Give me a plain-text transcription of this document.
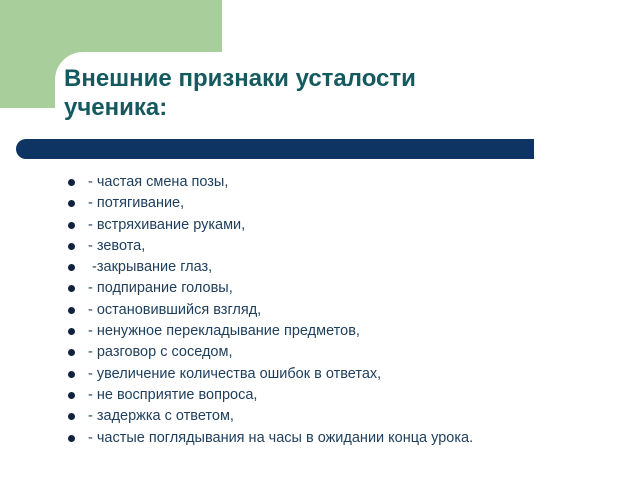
Внешние признаки усталости
ученика:
- частая смена позы,
- потягивание,
- встряхивание руками,
- зевота,
-закрывание глаз,
- подпирание головы,
- остановившийся взгляд,
- ненужное перекладывание предметов,
- разговор с соседом,
- увеличение количества ошибок в ответах,
- не восприятие вопроса,
- задержка с ответом,
- частые поглядывания на часы в ожидании конца урока.
